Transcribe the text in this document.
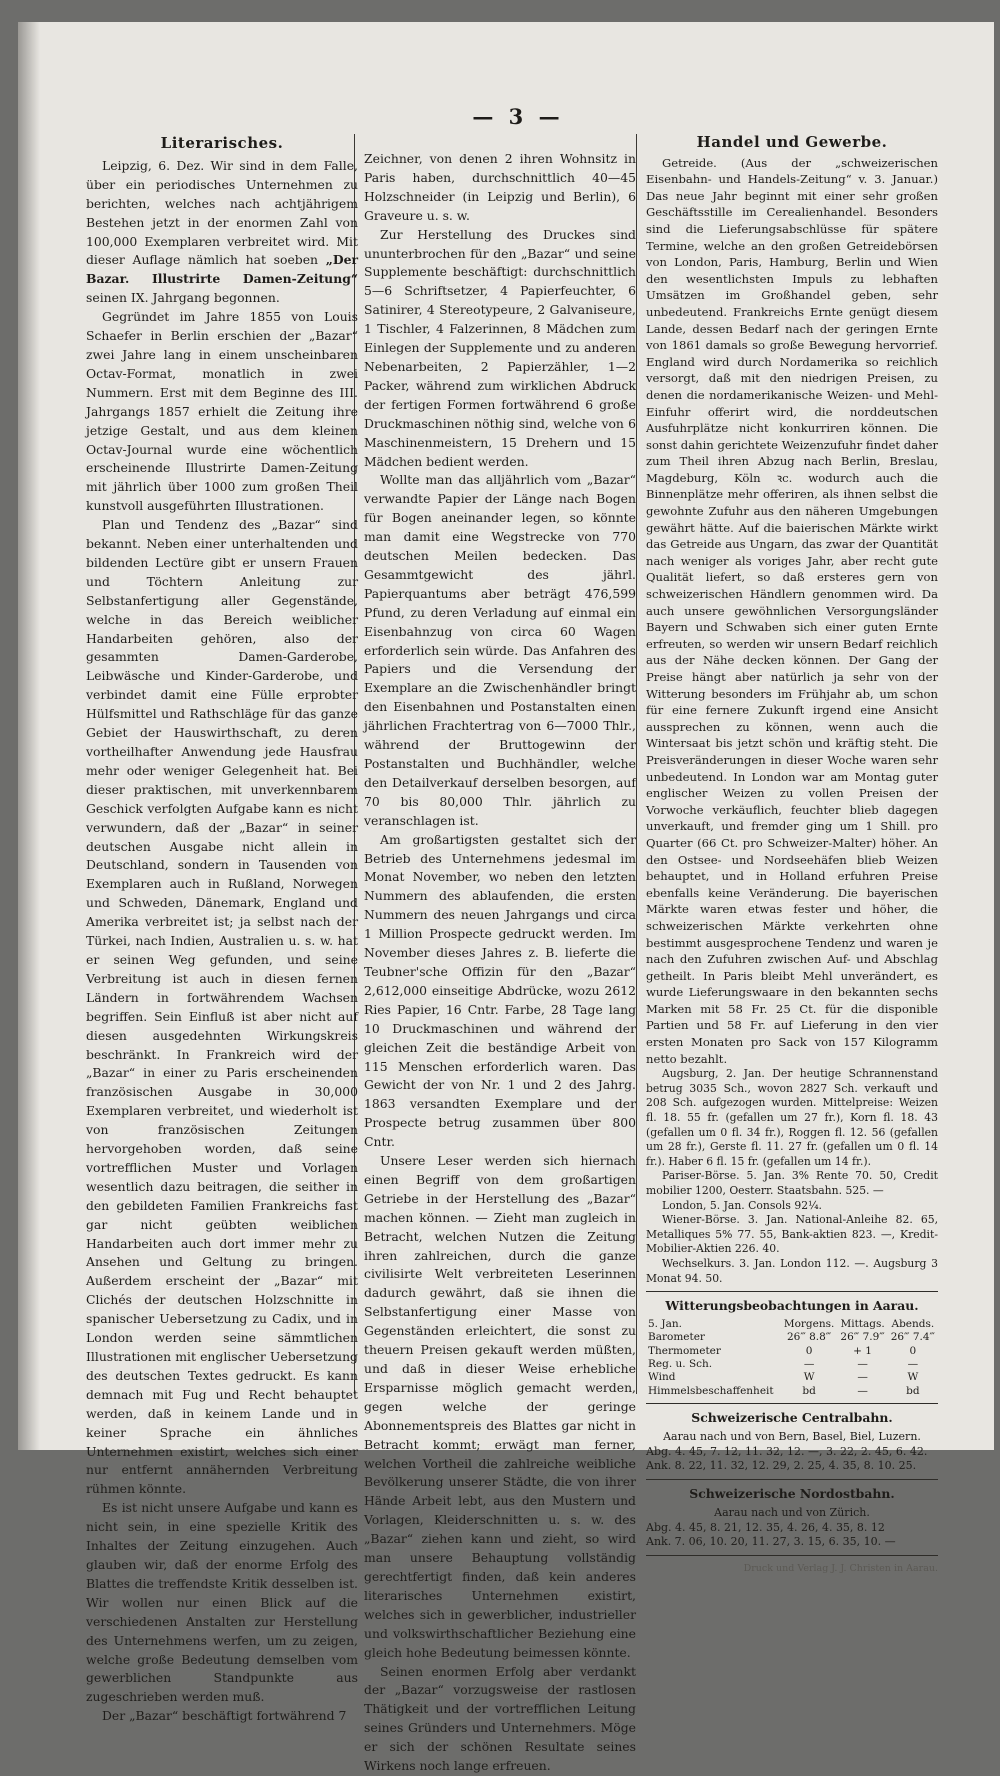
— 3 —
Literarisches.

Leipzig, 6. Dez. Wir sind in dem Falle, über ein periodisches Unternehmen zu berichten, welches nach achtjährigem Bestehen jetzt in der enormen Zahl von 100,000 Exemplaren verbreitet wird. Mit dieser Auflage nämlich hat soeben „Der Bazar. Illustrirte Damen-Zeitung“ seinen IX. Jahrgang begonnen.

Gegründet im Jahre 1855 von Louis Schaefer in Berlin erschien der „Bazar“ zwei Jahre lang in einem unscheinbaren Octav-Format, monatlich in zwei Nummern. Erst mit dem Beginne des III. Jahrgangs 1857 erhielt die Zeitung ihre jetzige Gestalt, und aus dem kleinen Octav-Journal wurde eine wöchentlich erscheinende Illustrirte Damen-Zeitung mit jährlich über 1000 zum großen Theil kunstvoll ausgeführten Illustrationen.

Plan und Tendenz des „Bazar“ sind bekannt. Neben einer unterhaltenden und bildenden Lectüre gibt er unsern Frauen und Töchtern Anleitung zur Selbstanfertigung aller Gegenstände, welche in das Bereich weiblicher Handarbeiten gehören, also der gesammten Damen-Garderobe, Leibwäsche und Kinder-Garderobe, und verbindet damit eine Fülle erprobter Hülfsmittel und Rathschläge für das ganze Gebiet der Hauswirthschaft, zu deren vortheilhafter Anwendung jede Hausfrau mehr oder weniger Gelegenheit hat. Bei dieser praktischen, mit unverkennbarem Geschick verfolgten Aufgabe kann es nicht verwundern, daß der „Bazar“ in seiner deutschen Ausgabe nicht allein in Deutschland, sondern in Tausenden von Exemplaren auch in Rußland, Norwegen und Schweden, Dänemark, England und Amerika verbreitet ist; ja selbst nach der Türkei, nach Indien, Australien u. s. w. hat er seinen Weg gefunden, und seine Verbreitung ist auch in diesen fernen Ländern in fortwährendem Wachsen begriffen. Sein Einfluß ist aber nicht auf diesen ausgedehnten Wirkungskreis beschränkt. In Frankreich wird der „Bazar“ in einer zu Paris erscheinenden französischen Ausgabe in 30,000 Exemplaren verbreitet, und wiederholt ist von französischen Zeitungen hervorgehoben worden, daß seine vortrefflichen Muster und Vorlagen wesentlich dazu beitragen, die seither in den gebildeten Familien Frankreichs fast gar nicht geübten weiblichen Handarbeiten auch dort immer mehr zu Ansehen und Geltung zu bringen. Außerdem erscheint der „Bazar“ mit Clichés der deutschen Holzschnitte in spanischer Uebersetzung zu Cadix, und in London werden seine sämmtlichen Illustrationen mit englischer Uebersetzung des deutschen Textes gedruckt. Es kann demnach mit Fug und Recht behauptet werden, daß in keinem Lande und in keiner Sprache ein ähnliches Unternehmen existirt, welches sich einer nur entfernt annähernden Verbreitung rühmen könnte.

Es ist nicht unsere Aufgabe und kann es nicht sein, in eine spezielle Kritik des Inhaltes der Zeitung einzugehen. Auch glauben wir, daß der enorme Erfolg des Blattes die treffendste Kritik desselben ist. Wir wollen nur einen Blick auf die verschiedenen Anstalten zur Herstellung des Unternehmens werfen, um zu zeigen, welche große Bedeutung demselben vom gewerblichen Standpunkte aus zugeschrieben werden muß.

Der „Bazar“ beschäftigt fortwährend 7

Zeichner, von denen 2 ihren Wohnsitz in Paris haben, durchschnittlich 40—45 Holzschneider (in Leipzig und Berlin), 6 Graveure u. s. w.

Zur Herstellung des Druckes sind ununterbrochen für den „Bazar“ und seine Supplemente beschäftigt: durchschnittlich 5—6 Schriftsetzer, 4 Papierfeuchter, 6 Satinirer, 4 Stereotypeure, 2 Galvaniseure, 1 Tischler, 4 Falzerinnen, 8 Mädchen zum Einlegen der Supplemente und zu anderen Nebenarbeiten, 2 Papierzähler, 1—2 Packer, während zum wirklichen Abdruck der fertigen Formen fortwährend 6 große Druckmaschinen nöthig sind, welche von 6 Maschinenmeistern, 15 Drehern und 15 Mädchen bedient werden.

Wollte man das alljährlich vom „Bazar“ verwandte Papier der Länge nach Bogen für Bogen aneinander legen, so könnte man damit eine Wegstrecke von 770 deutschen Meilen bedecken. Das Gesammtgewicht des jährl. Papierquantums aber beträgt 476,599 Pfund, zu deren Verladung auf einmal ein Eisenbahnzug von circa 60 Wagen erforderlich sein würde. Das Anfahren des Papiers und die Versendung der Exemplare an die Zwischenhändler bringt den Eisenbahnen und Postanstalten einen jährlichen Frachtertrag von 6—7000 Thlr., während der Bruttogewinn der Postanstalten und Buchhändler, welche den Detailverkauf derselben besorgen, auf 70 bis 80,000 Thlr. jährlich zu veranschlagen ist.

Am großartigsten gestaltet sich der Betrieb des Unternehmens jedesmal im Monat November, wo neben den letzten Nummern des ablaufenden, die ersten Nummern des neuen Jahrgangs und circa 1 Million Prospecte gedruckt werden. Im November dieses Jahres z. B. lieferte die Teubner'sche Offizin für den „Bazar“ 2,612,000 einseitige Abdrücke, wozu 2612 Ries Papier, 16 Cntr. Farbe, 28 Tage lang 10 Druckmaschinen und während der gleichen Zeit die beständige Arbeit von 115 Menschen erforderlich waren. Das Gewicht der von Nr. 1 und 2 des Jahrg. 1863 versandten Exemplare und der Prospecte betrug zusammen über 800 Cntr.

Unsere Leser werden sich hiernach einen Begriff von dem großartigen Getriebe in der Herstellung des „Bazar“ machen können. — Zieht man zugleich in Betracht, welchen Nutzen die Zeitung ihren zahlreichen, durch die ganze civilisirte Welt verbreiteten Leserinnen dadurch gewährt, daß sie ihnen die Selbstanfertigung einer Masse von Gegenständen erleichtert, die sonst zu theuern Preisen gekauft werden müßten, und daß in dieser Weise erhebliche Ersparnisse möglich gemacht werden, gegen welche der geringe Abonnementspreis des Blattes gar nicht in Betracht kommt; erwägt man ferner, welchen Vortheil die zahlreiche weibliche Bevölkerung unserer Städte, die von ihrer Hände Arbeit lebt, aus den Mustern und Vorlagen, Kleiderschnitten u. s. w. des „Bazar“ ziehen kann und zieht, so wird man unsere Behauptung vollständig gerechtfertigt finden, daß kein anderes literarisches Unternehmen existirt, welches sich in gewerblicher, industrieller und volkswirthschaftlicher Beziehung eine gleich hohe Bedeutung beimessen könnte.

Seinen enormen Erfolg aber verdankt der „Bazar“ vorzugsweise der rastlosen Thätigkeit und der vortrefflichen Leitung seines Gründers und Unternehmers. Möge er sich der schönen Resultate seines Wirkens noch lange erfreuen.

Handel und Gewerbe.

Getreide. (Aus der „schweizerischen Eisenbahn- und Handels-Zeitung“ v. 3. Januar.) Das neue Jahr beginnt mit einer sehr großen Geschäftsstille im Cerealienhandel. Besonders sind die Lieferungsabschlüsse für spätere Termine, welche an den großen Getreidebörsen von London, Paris, Hamburg, Berlin und Wien den wesentlichsten Impuls zu lebhaften Umsätzen im Großhandel geben, sehr unbedeutend. Frankreichs Ernte genügt diesem Lande, dessen Bedarf nach der geringen Ernte von 1861 damals so große Bewegung hervorrief. England wird durch Nordamerika so reichlich versorgt, daß mit den niedrigen Preisen, zu denen die nordamerikanische Weizen- und Mehl-Einfuhr offerirt wird, die norddeutschen Ausfuhrplätze nicht konkurriren können. Die sonst dahin gerichtete Weizenzufuhr findet daher zum Theil ihren Abzug nach Berlin, Breslau, Magdeburg, Köln ꝛc. wodurch auch die Binnenplätze mehr offeriren, als ihnen selbst die gewohnte Zufuhr aus den näheren Umgebungen gewährt hätte. Auf die baierischen Märkte wirkt das Getreide aus Ungarn, das zwar der Quantität nach weniger als voriges Jahr, aber recht gute Qualität liefert, so daß ersteres gern von schweizerischen Händlern genommen wird. Da auch unsere gewöhnlichen Versorgungsländer Bayern und Schwaben sich einer guten Ernte erfreuten, so werden wir unsern Bedarf reichlich aus der Nähe decken können. Der Gang der Preise hängt aber natürlich ja sehr von der Witterung besonders im Frühjahr ab, um schon für eine fernere Zukunft irgend eine Ansicht aussprechen zu können, wenn auch die Wintersaat bis jetzt schön und kräftig steht. Die Preisveränderungen in dieser Woche waren sehr unbedeutend. In London war am Montag guter englischer Weizen zu vollen Preisen der Vorwoche verkäuflich, feuchter blieb dagegen unverkauft, und fremder ging um 1 Shill. pro Quarter (66 Ct. pro Schweizer-Malter) höher. An den Ostsee- und Nordseehäfen blieb Weizen behauptet, und in Holland erfuhren Preise ebenfalls keine Veränderung. Die bayerischen Märkte waren etwas fester und höher, die schweizerischen Märkte verkehrten ohne bestimmt ausgesprochene Tendenz und waren je nach den Zufuhren zwischen Auf- und Abschlag getheilt. In Paris bleibt Mehl unverändert, es wurde Lieferungswaare in den bekannten sechs Marken mit 58 Fr. 25 Ct. für die disponible Partien und 58 Fr. auf Lieferung in den vier ersten Monaten pro Sack von 157 Kilogramm netto bezahlt.

Augsburg, 2. Jan. Der heutige Schrannenstand betrug 3035 Sch., wovon 2827 Sch. verkauft und 208 Sch. aufgezogen wurden. Mittelpreise: Weizen fl. 18. 55 fr. (gefallen um 27 fr.), Korn fl. 18. 43 (gefallen um 0 fl. 34 fr.), Roggen fl. 12. 56 (gefallen um 28 fr.), Gerste fl. 11. 27 fr. (gefallen um 0 fl. 14 fr.). Haber 6 fl. 15 fr. (gefallen um 14 fr.).

Pariser-Börse. 5. Jan. 3% Rente 70. 50, Credit mobilier 1200, Oesterr. Staatsbahn. 525. —

London, 5. Jan. Consols 92¼.

Wiener-Börse. 3. Jan. National-Anleihe 82. 65, Metalliques 5% 77. 55, Bank-aktien 823. —, Kredit-Mobilier-Aktien 226. 40.

Wechselkurs. 3. Jan. London 112. —. Augsburg 3 Monat 94. 50.

Witterungsbeobachtungen in Aarau.
5. Jan.	Morgens.	Mittags.	Abends.
Barometer	26‴ 8.8‴	26‴ 7.9‴	26‴ 7.4‴
Thermometer	0	+ 1	0
Reg. u. Sch.	—	—	—
Wind	W	—	W
Himmelsbeschaffenheit	bd	—	bd
Schweizerische Centralbahn.
Aarau nach und von Bern, Basel, Biel, Luzern.
Abg. 4. 45, 7. 12, 11. 32, 12. —, 3. 22, 2. 45, 6. 42.
Ank. 8. 22, 11. 32, 12. 29, 2. 25, 4. 35, 8. 10. 25.
Schweizerische Nordostbahn.
Aarau nach und von Zürich.
Abg. 4. 45, 8. 21, 12. 35, 4. 26, 4. 35, 8. 12
Ank. 7. 06, 10. 20, 11. 27, 3. 15, 6. 35, 10. —
Druck und Verlag J. J. Christen in Aarau.
